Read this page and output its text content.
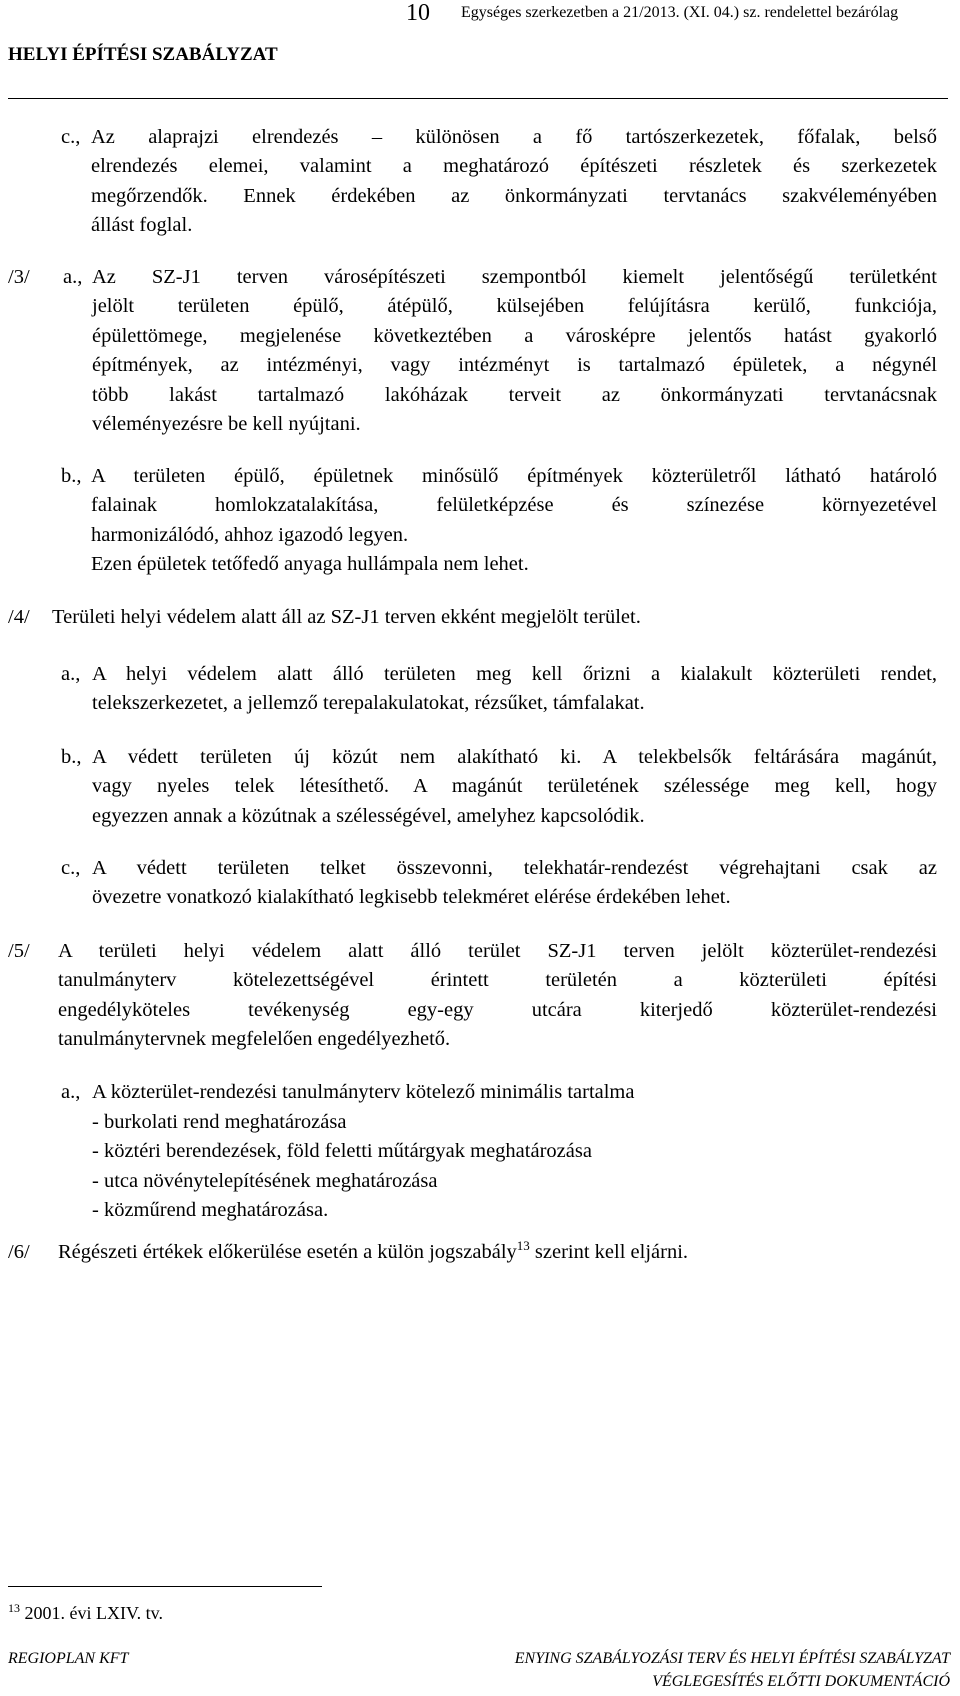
10 Egységes szerkezetben a 21/2013. (XI. 04.) sz. rendelettel bezárólag
HELYI ÉPÍTÉSI SZABÁLYZAT
c., Az alaprajzi elrendezés – különösen a fő tartószerkezetek, főfalak, belső
elrendezés elemei, valamint a meghatározó építészeti részletek és szerkezetek
megőrzendők. Ennek érdekében az önkormányzati tervtanács szakvéleményében
állást foglal.
/3/ a., Az SZ-J1 terven városépítészeti szempontból kiemelt jelentőségű területként
jelölt területen épülő, átépülő, külsejében felújításra kerülő, funkciója,
épülettömege, megjelenése következtében a városképre jelentős hatást gyakorló
építmények, az intézményi, vagy intézményt is tartalmazó épületek, a négynél
több lakást tartalmazó lakóházak terveit az önkormányzati tervtanácsnak
véleményezésre be kell nyújtani.
b., A területen épülő, épületnek minősülő építmények közterületről látható határoló
falainak homlokzatalakítása, felületképzése és színezése környezetével
harmonizálódó, ahhoz igazodó legyen.
Ezen épületek tetőfedő anyaga hullámpala nem lehet.
/4/ Területi helyi védelem alatt áll az SZ-J1 terven ekként megjelölt terület.
a., A helyi védelem alatt álló területen meg kell őrizni a kialakult közterületi rendet,
telekszerkezetet, a jellemző terepalakulatokat, rézsűket, támfalakat.
b., A védett területen új közút nem alakítható ki. A telekbelsők feltárására magánút,
vagy nyeles telek létesíthető. A magánút területének szélessége meg kell, hogy
egyezzen annak a közútnak a szélességével, amelyhez kapcsolódik.
c., A védett területen telket összevonni, telekhatár-rendezést végrehajtani csak az
övezetre vonatkozó kialakítható legkisebb telekméret elérése érdekében lehet.
/5/ A területi helyi védelem alatt álló terület SZ-J1 terven jelölt közterület-rendezési
tanulmányterv kötelezettségével érintett területén a közterületi építési
engedélyköteles tevékenység egy-egy utcára kiterjedő közterület-rendezési
tanulmánytervnek megfelelően engedélyezhető.
a., A közterület-rendezési tanulmányterv kötelező minimális tartalma
- burkolati rend meghatározása
- köztéri berendezések, föld feletti műtárgyak meghatározása
- utca növénytelepítésének meghatározása
- közműrend meghatározása.
/6/ Régészeti értékek előkerülése esetén a külön jogszabály$^{13}$ szerint kell eljárni.
$^{13}$ 2001. évi LXIV. tv.
REGIOPLAN KFT	ENYING SZABÁLYOZÁSI TERV ÉS HELYI ÉPÍTÉSI SZABÁLYZAT
VÉGLEGESÍTÉS ELŐTTI DOKUMENTÁCIÓ
